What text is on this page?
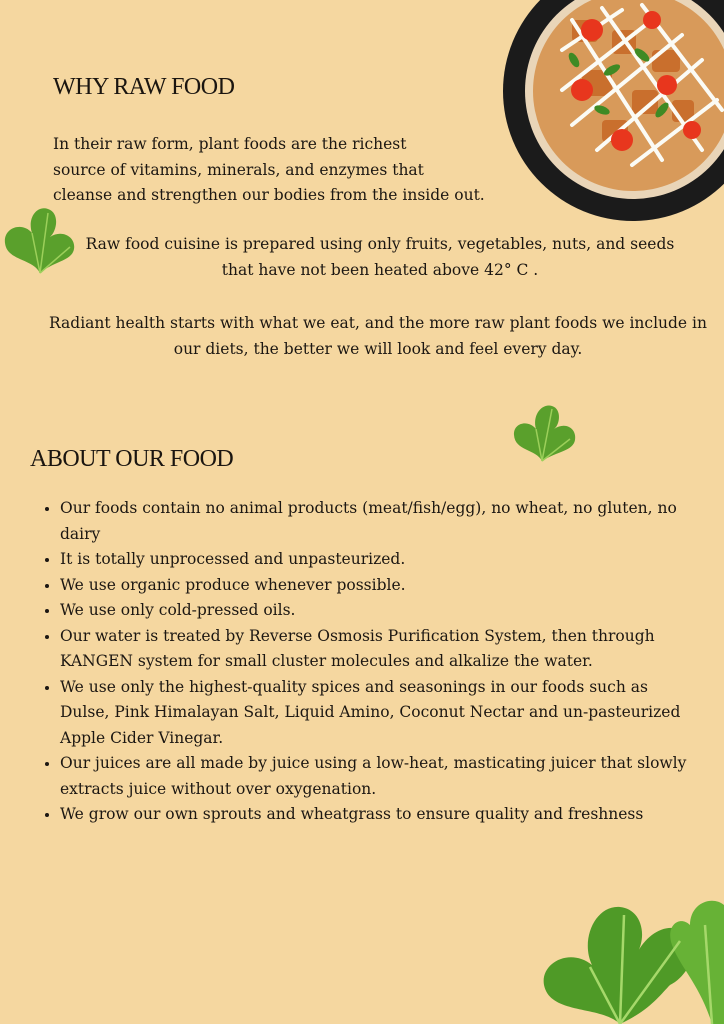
WHY RAW FOOD
In their raw form, plant foods are the richest
source of vitamins, minerals, and enzymes that
cleanse and strengthen our bodies from the inside out.
Raw food cuisine is prepared using only fruits, vegetables, nuts, and seeds that have not been heated above 42° C .
Radiant health starts with what we eat, and the more raw plant foods we include in our diets, the better we will look and feel every day.
ABOUT OUR FOOD
• Our foods contain no animal products (meat/fish/egg), no wheat, no gluten, no dairy
• It is totally unprocessed and unpasteurized.
• We use organic produce whenever possible.
• We use only cold-pressed oils.
• Our water is treated by Reverse Osmosis Purification System, then through KANGEN system for small cluster molecules and alkalize the water.
• We use only the highest-quality spices and seasonings in our foods such as Dulse, Pink Himalayan Salt, Liquid Amino, Coconut Nectar and un-pasteurized Apple Cider Vinegar.
• Our juices are all made by juice using a low-heat, masticating juicer that slowly extracts juice without over oxygenation.
• We grow our own sprouts and wheatgrass to ensure quality and freshness
